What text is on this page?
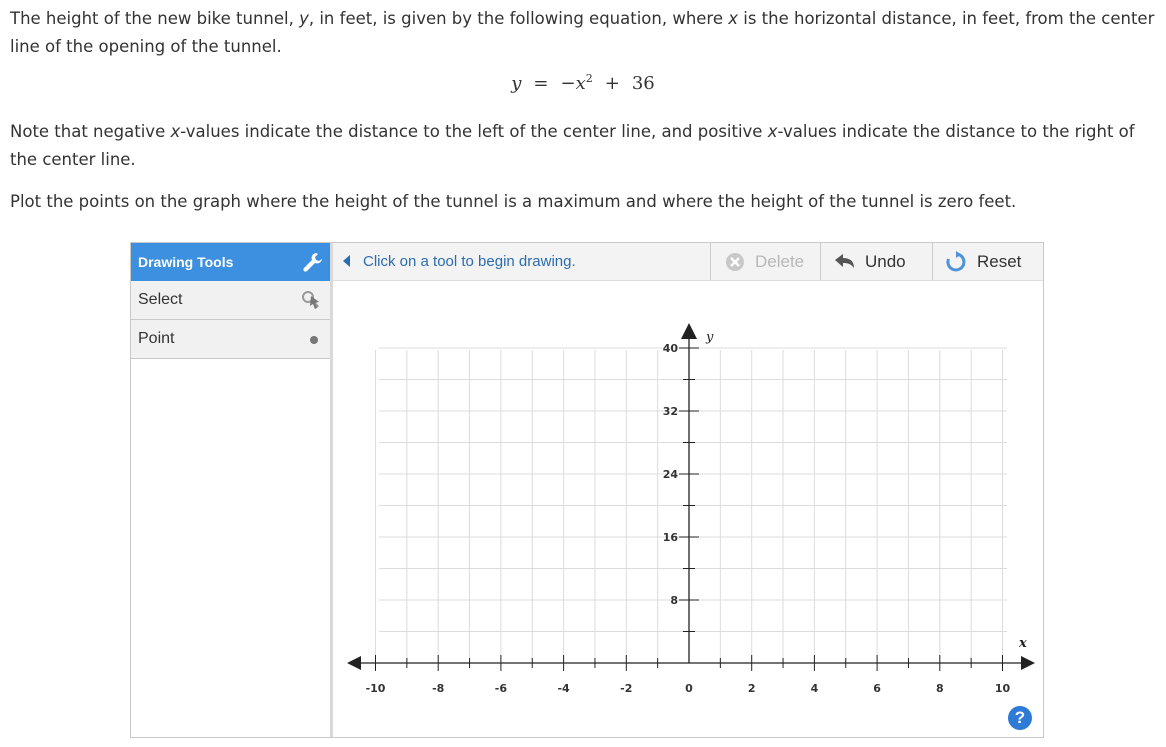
The height of the new bike tunnel, y, in feet, is given by the following equation, where x is the horizontal distance, in feet, from the center line of the opening of the tunnel.

$y = -x^2 + 36$

Note that negative x-values indicate the distance to the left of the center line, and positive x-values indicate the distance to the right of the center line.

Plot the points on the graph where the height of the tunnel is a maximum and where the height of the tunnel is zero feet.

Drawing Tools
Select
Point
Click on a tool to begin drawing.	Delete	Undo	Reset
x
y
-10	-8	-6	-4	-2	0	2	4	6	8	10
8
16
24
32
40
?
